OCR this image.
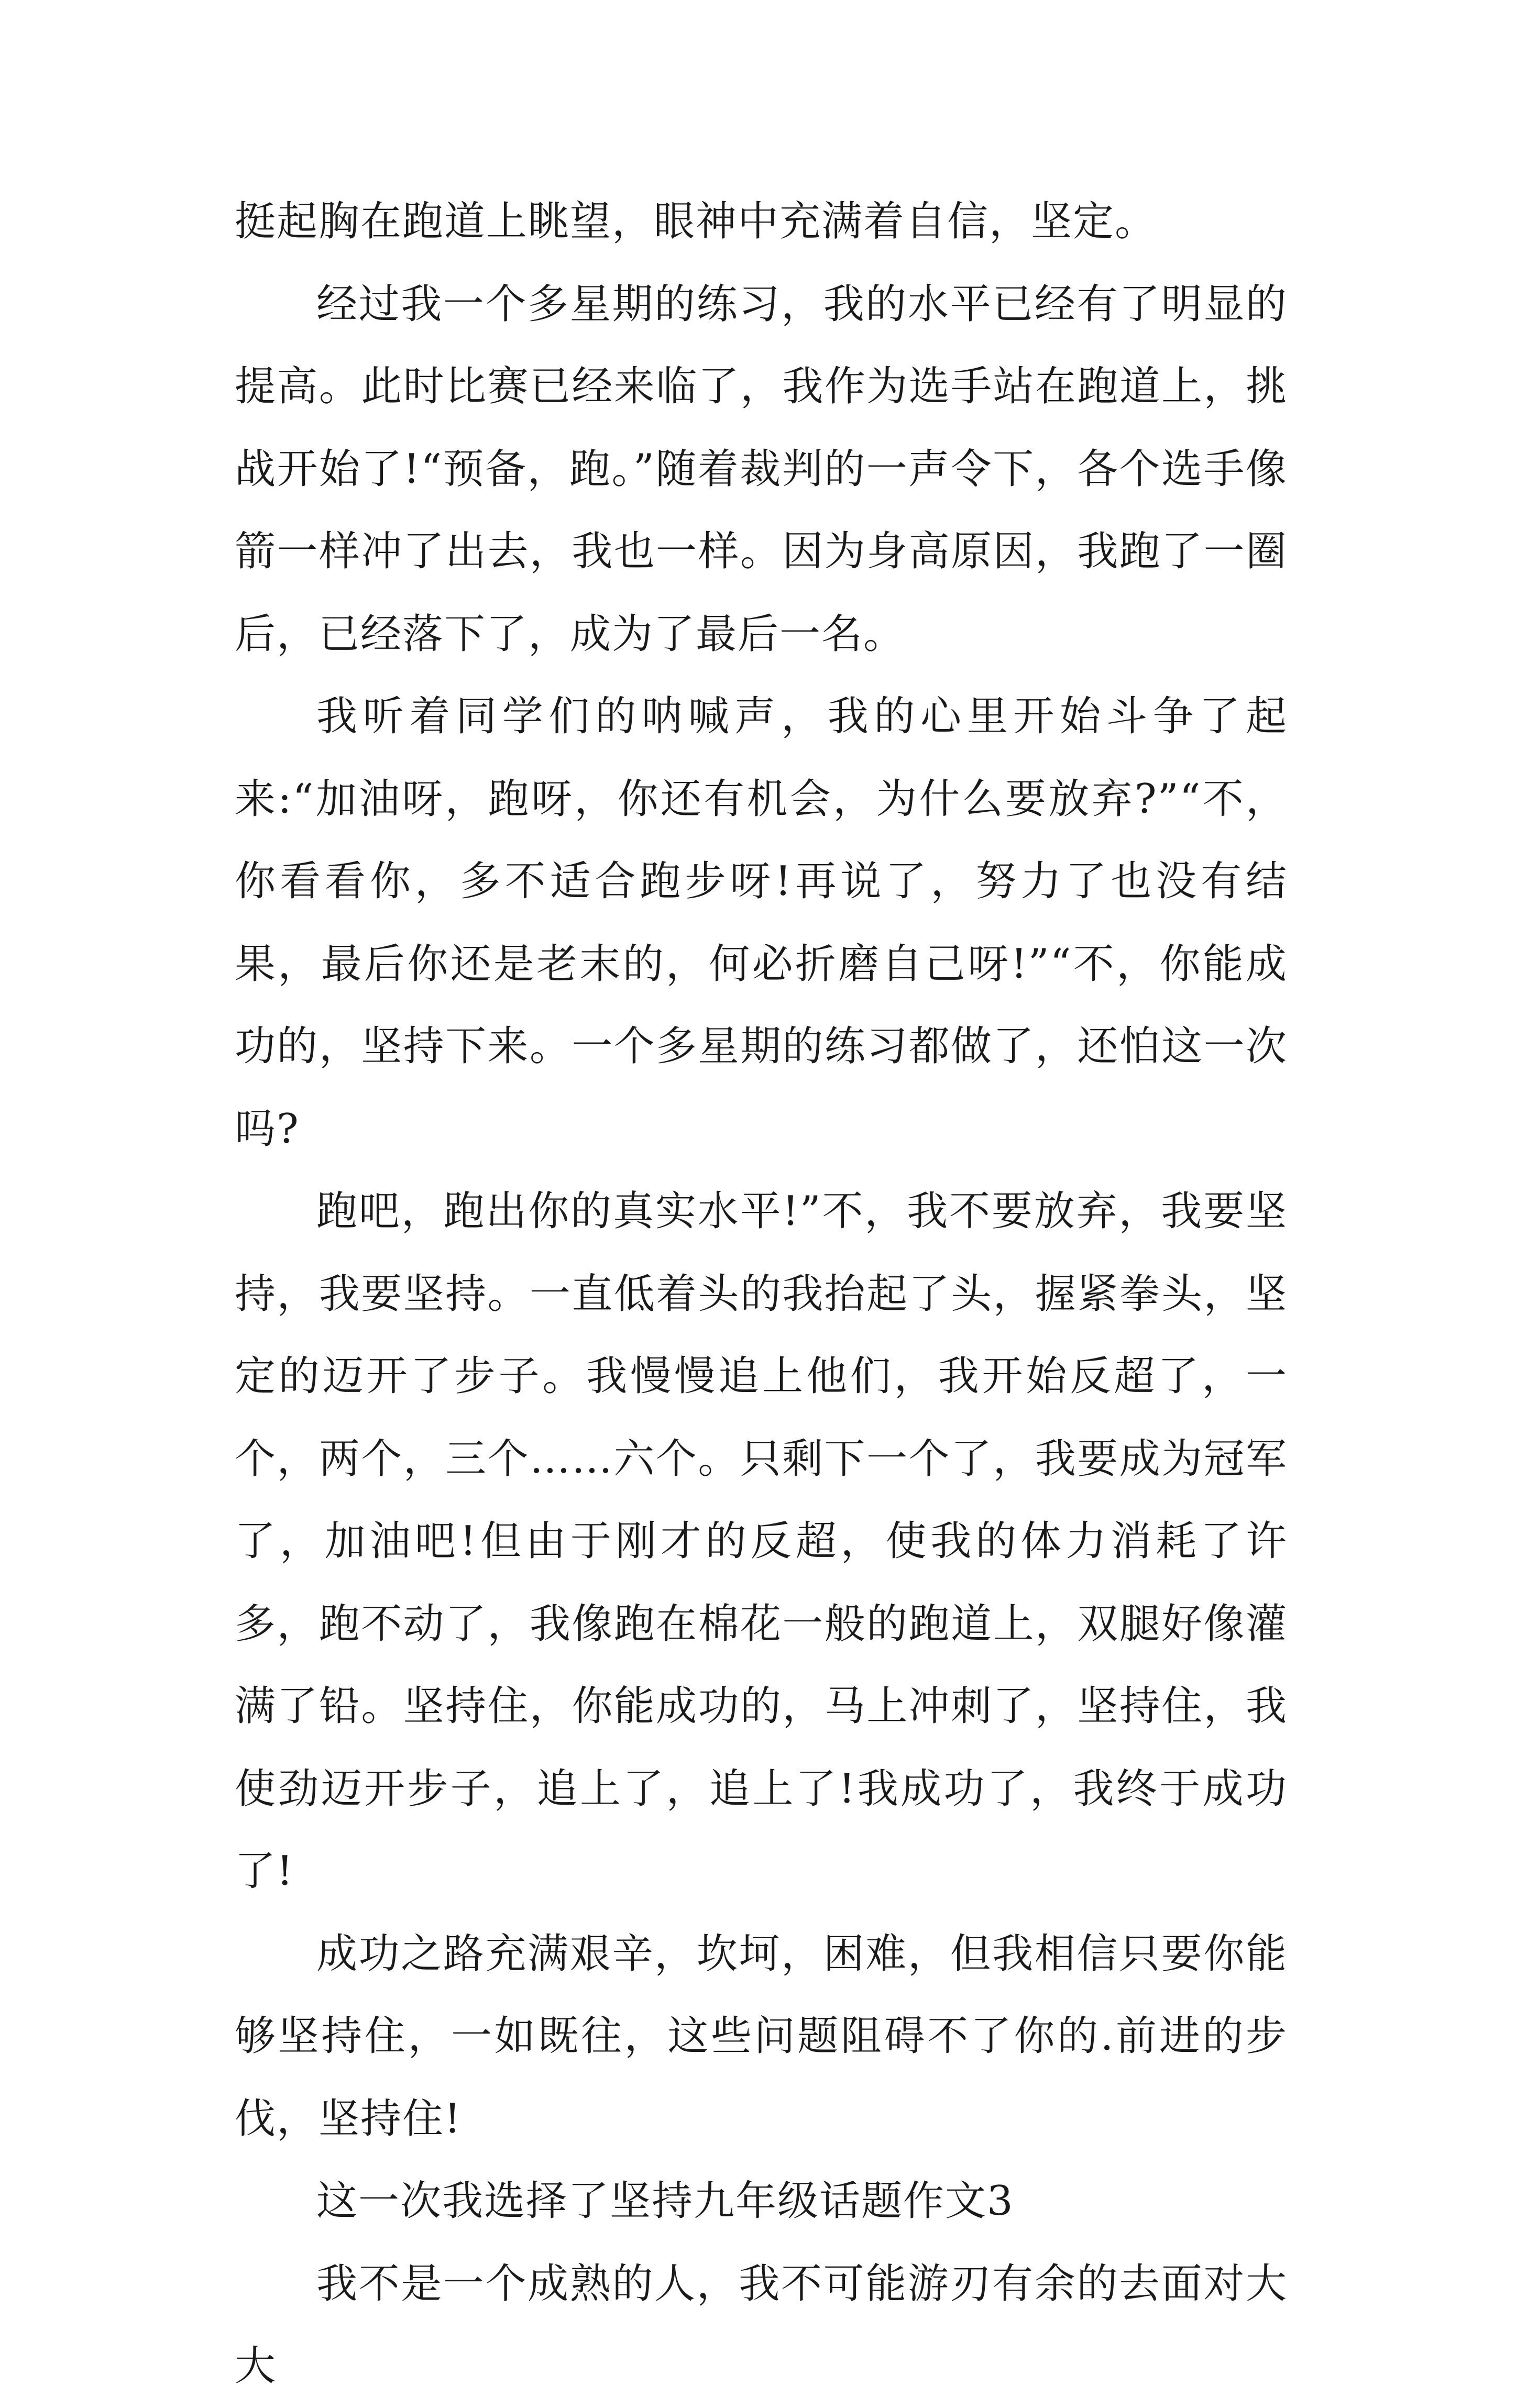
挺起胸在跑道上眺望，眼神中充满着自信，坚定。

经过我一个多星期的练习，我的水平已经有了明显的提高。此时比赛已经来临了，我作为选手站在跑道上，挑战开始了!“预备，跑。”随着裁判的一声令下，各个选手像箭一样冲了出去，我也一样。因为身高原因，我跑了一圈后，已经落下了，成为了最后一名。

我听着同学们的呐喊声，我的心里开始斗争了起来:“加油呀，跑呀，你还有机会，为什么要放弃?”“不，你看看你，多不适合跑步呀!再说了，努力了也没有结果，最后你还是老末的，何必折磨自己呀!”“不，你能成功的，坚持下来。一个多星期的练习都做了，还怕这一次吗?

跑吧，跑出你的真实水平!”不，我不要放弃，我要坚持，我要坚持。一直低着头的我抬起了头，握紧拳头，坚定的迈开了步子。我慢慢追上他们，我开始反超了，一个，两个，三个……六个。只剩下一个了，我要成为冠军了，加油吧!但由于刚才的反超，使我的体力消耗了许多，跑不动了，我像跑在棉花一般的跑道上，双腿好像灌满了铅。坚持住，你能成功的，马上冲刺了，坚持住，我使劲迈开步子，追上了，追上了!我成功了，我终于成功了!

成功之路充满艰辛，坎坷，困难，但我相信只要你能够坚持住，一如既往，这些问题阻碍不了你的.前进的步伐，坚持住!

这一次我选择了坚持九年级话题作文3

我不是一个成熟的人，我不可能游刃有余的去面对大大
